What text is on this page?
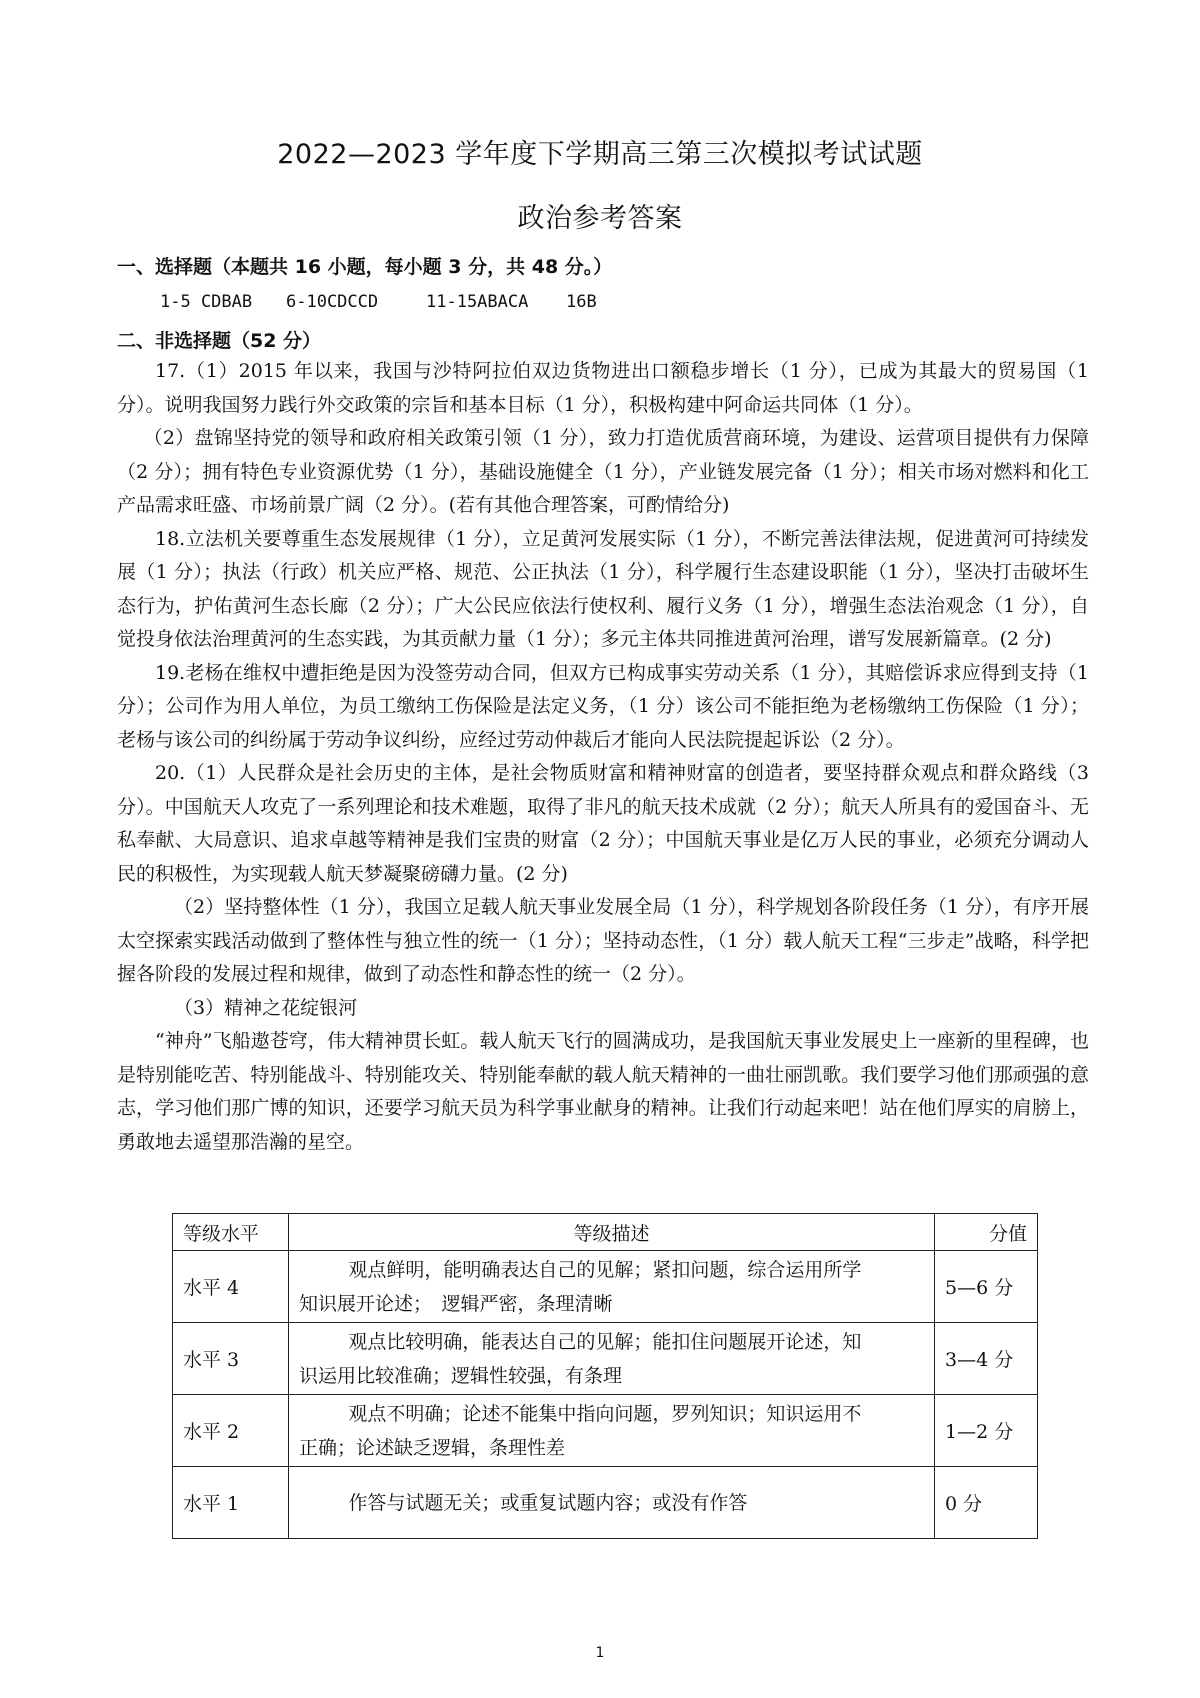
2022—2023 学年度下学期高三第三次模拟考试试题
政治参考答案
一、选择题（本题共 16 小题，每小题 3 分，共 48 分。）
1-5 CDBAB	6-10CDCCD	11-15ABACA	16B
二、非选择题（52 分）

17.（1）2015 年以来，我国与沙特阿拉伯双边货物进出口额稳步增长（1 分），已成为其最大的贸易国（1 分）。说明我国努力践行外交政策的宗旨和基本目标（1 分），积极构建中阿命运共同体（1 分）。

（2）盘锦坚持党的领导和政府相关政策引领（1 分），致力打造优质营商环境，为建设、运营项目提供有力保障（2 分）；拥有特色专业资源优势（1 分），基础设施健全（1 分），产业链发展完备（1 分）；相关市场对燃料和化工产品需求旺盛、市场前景广阔（2 分）。(若有其他合理答案，可酌情给分)

18.立法机关要尊重生态发展规律（1 分），立足黄河发展实际（1 分），不断完善法律法规，促进黄河可持续发展（1 分）；执法（行政）机关应严格、规范、公正执法（1 分），科学履行生态建设职能（1 分），坚决打击破坏生态行为，护佑黄河生态长廊（2 分）；广大公民应依法行使权利、履行义务（1 分），增强生态法治观念（1 分），自觉投身依法治理黄河的生态实践，为其贡献力量（1 分）；多元主体共同推进黄河治理，谱写发展新篇章。(2 分)

19.老杨在维权中遭拒绝是因为没签劳动合同，但双方已构成事实劳动关系（1 分），其赔偿诉求应得到支持（1 分）；公司作为用人单位，为员工缴纳工伤保险是法定义务，（1 分）该公司不能拒绝为老杨缴纳工伤保险（1 分）；老杨与该公司的纠纷属于劳动争议纠纷，应经过劳动仲裁后才能向人民法院提起诉讼（2 分）。

20.（1）人民群众是社会历史的主体，是社会物质财富和精神财富的创造者，要坚持群众观点和群众路线（3 分）。中国航天人攻克了一系列理论和技术难题，取得了非凡的航天技术成就（2 分）；航天人所具有的爱国奋斗、无私奉献、大局意识、追求卓越等精神是我们宝贵的财富（2 分）；中国航天事业是亿万人民的事业，必须充分调动人民的积极性，为实现载人航天梦凝聚磅礴力量。(2 分)

（2）坚持整体性（1 分），我国立足载人航天事业发展全局（1 分），科学规划各阶段任务（1 分），有序开展太空探索实践活动做到了整体性与独立性的统一（1 分）；坚持动态性，（1 分）载人航天工程“三步走”战略，科学把握各阶段的发展过程和规律，做到了动态性和静态性的统一（2 分）。

（3）精神之花绽银河

“神舟”飞船遨苍穹，伟大精神贯长虹。载人航天飞行的圆满成功，是我国航天事业发展史上一座新的里程碑，也是特别能吃苦、特别能战斗、特别能攻关、特别能奉献的载人航天精神的一曲壮丽凯歌。我们要学习他们那顽强的意志，学习他们那广博的知识，还要学习航天员为科学事业献身的精神。让我们行动起来吧！站在他们厚实的肩膀上，勇敢地去遥望那浩瀚的星空。

等级水平	等级描述	分值
水平 4	观点鲜明，能明确表达自己的见解；紧扣问题，综合运用所学
知识展开论述；　逻辑严密，条理清晰	5—6 分
水平 3	观点比较明确，能表达自己的见解；能扣住问题展开论述，知
识运用比较准确；逻辑性较强，有条理	3—4 分
水平 2	观点不明确；论述不能集中指向问题，罗列知识；知识运用不
正确；论述缺乏逻辑，条理性差	1—2 分
水平 1	作答与试题无关；或重复试题内容；或没有作答	0 分
1
